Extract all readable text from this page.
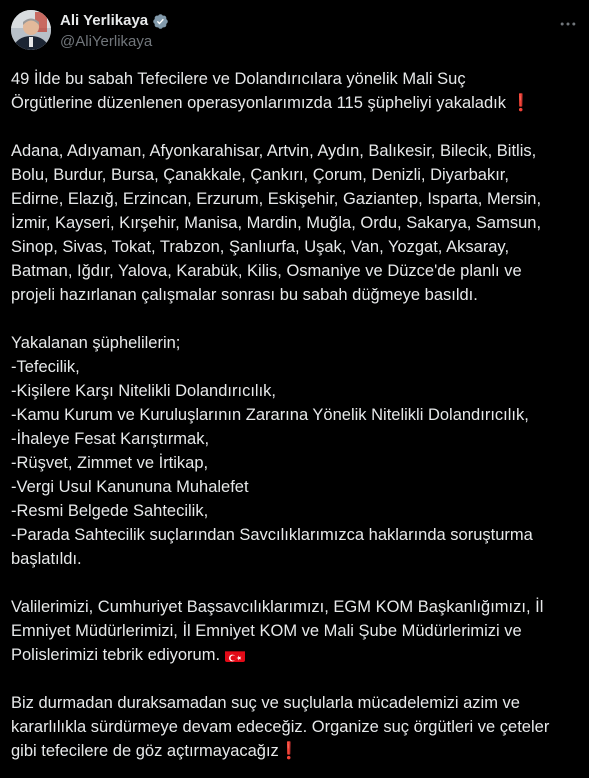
Ali Yerlikaya
@AliYerlikaya

49 İlde bu sabah Tefecilere ve Dolandırıcılara yönelik Mali Suç
Örgütlerine düzenlenen operasyonlarımızda 115 şüpheliyi yakaladık ❗

Adana, Adıyaman, Afyonkarahisar, Artvin, Aydın, Balıkesir, Bilecik, Bitlis,
Bolu, Burdur, Bursa, Çanakkale, Çankırı, Çorum, Denizli, Diyarbakır,
Edirne, Elazığ, Erzincan, Erzurum, Eskişehir, Gaziantep, Isparta, Mersin,
İzmir, Kayseri, Kırşehir, Manisa, Mardin, Muğla, Ordu, Sakarya, Samsun,
Sinop, Sivas, Tokat, Trabzon, Şanlıurfa, Uşak, Van, Yozgat, Aksaray,
Batman, Iğdır, Yalova, Karabük, Kilis, Osmaniye ve Düzce'de planlı ve
projeli hazırlanan çalışmalar sonrası bu sabah düğmeye basıldı.

Yakalanan şüphelilerin;
-Tefecilik,
-Kişilere Karşı Nitelikli Dolandırıcılık,
-Kamu Kurum ve Kuruluşlarının Zararına Yönelik Nitelikli Dolandırıcılık,
-İhaleye Fesat Karıştırmak,
-Rüşvet, Zimmet ve İrtikap,
-Vergi Usul Kanununa Muhalefet
-Resmi Belgede Sahtecilik,
-Parada Sahtecilik suçlarından Savcılıklarımızca haklarında soruşturma
başlatıldı.

Valilerimizi, Cumhuriyet Başsavcılıklarımızı, EGM KOM Başkanlığımızı, İl
Emniyet Müdürlerimizi, İl Emniyet KOM ve Mali Şube Müdürlerimizi ve
Polislerimizi tebrik ediyorum.

Biz durmadan duraksamadan suç ve suçlularla mücadelemizi azim ve
kararlılıkla sürdürmeye devam edeceğiz. Organize suç örgütleri ve çeteler
gibi tefecilere de göz açtırmayacağız❗
